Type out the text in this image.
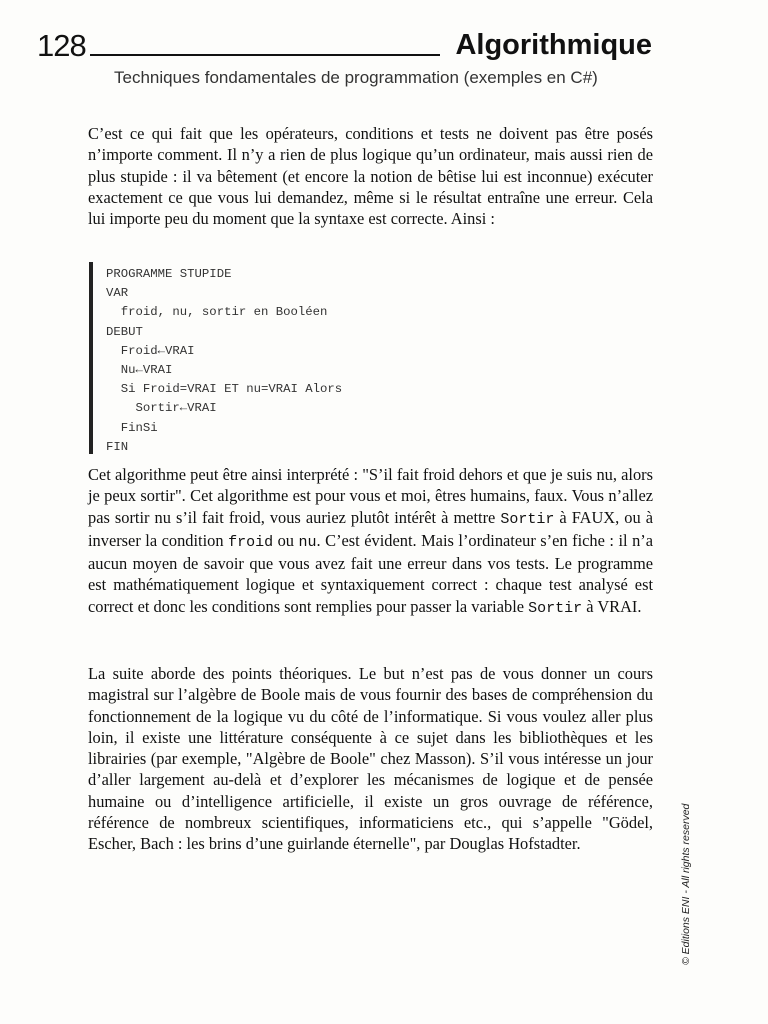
128	Algorithmique
Techniques fondamentales de programmation (exemples en C#)

C’est ce qui fait que les opérateurs, conditions et tests ne doivent pas être posés n’importe comment. Il n’y a rien de plus logique qu’un ordinateur, mais aussi rien de plus stupide : il va bêtement (et encore la notion de bêtise lui est inconnue) exécuter exactement ce que vous lui demandez, même si le résultat entraîne une erreur. Cela lui importe peu du moment que la syntaxe est correcte. Ainsi :

PROGRAMME STUPIDE
VAR
froid, nu, sortir en Booléen
DEBUT
Froid←VRAI
Nu←VRAI
Si Froid=VRAI ET nu=VRAI Alors
Sortir←VRAI
FinSi
FIN

Cet algorithme peut être ainsi interprété : "S’il fait froid dehors et que je suis nu, alors je peux sortir". Cet algorithme est pour vous et moi, êtres humains, faux. Vous n’allez pas sortir nu s’il fait froid, vous auriez plutôt intérêt à mettre Sortir à FAUX, ou à inverser la condition froid ou nu. C’est évident. Mais l’ordinateur s’en fiche : il n’a aucun moyen de savoir que vous avez fait une erreur dans vos tests. Le programme est mathématiquement logique et syntaxiquement correct : chaque test analysé est correct et donc les conditions sont remplies pour passer la variable Sortir à VRAI.

La suite aborde des points théoriques. Le but n’est pas de vous donner un cours magistral sur l’algèbre de Boole mais de vous fournir des bases de compréhension du fonctionnement de la logique vu du côté de l’informatique. Si vous voulez aller plus loin, il existe une littérature conséquente à ce sujet dans les bibliothèques et les librairies (par exemple, "Algèbre de Boole" chez Masson). S’il vous intéresse un jour d’aller largement au-delà et d’explorer les mécanismes de logique et de pensée humaine ou d’intelligence artificielle, il existe un gros ouvrage de référence, référence de nombreux scientifiques, informaticiens etc., qui s’appelle "Gödel, Escher, Bach : les brins d’une guirlande éternelle", par Douglas Hofstadter.	© Editions ENI - All rights reserved
